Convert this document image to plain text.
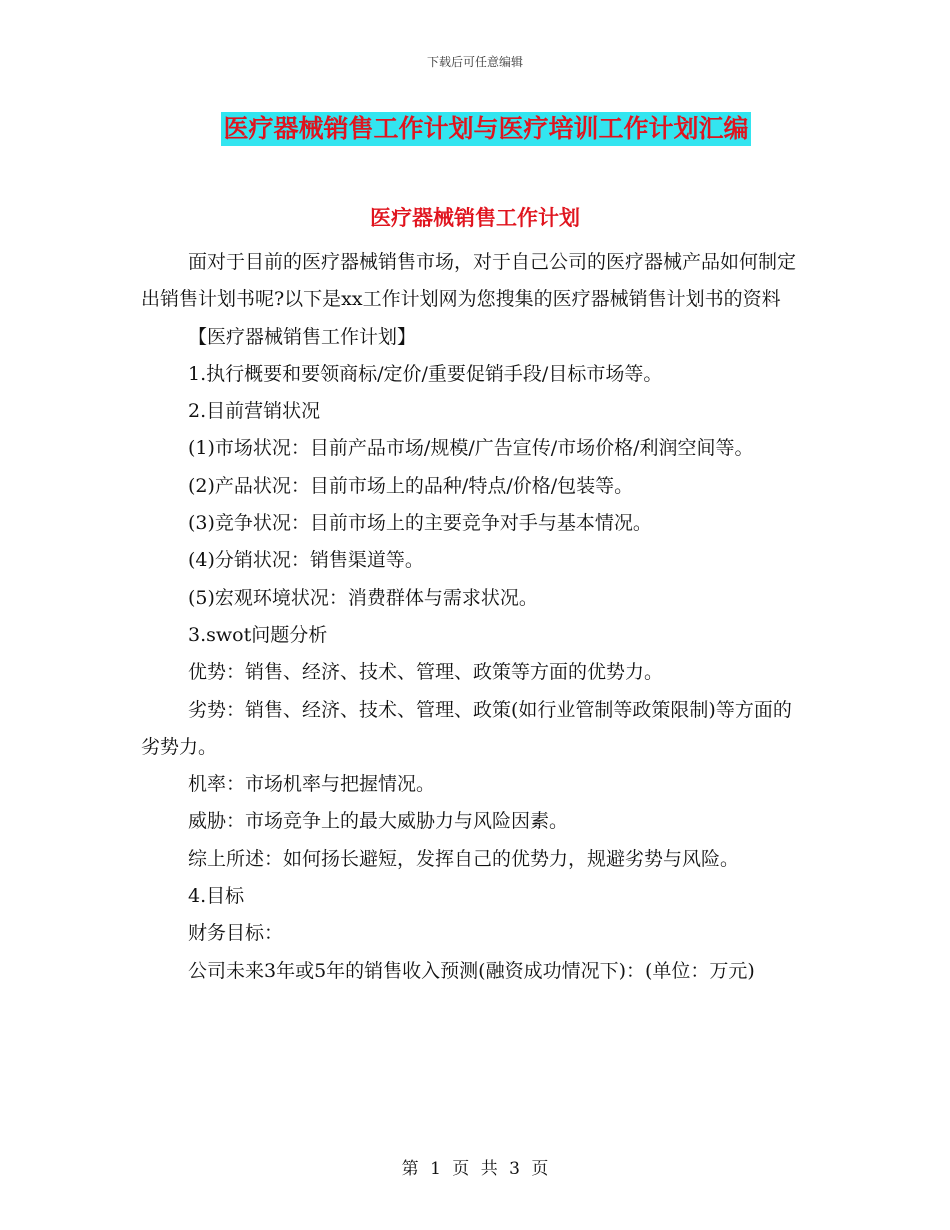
下载后可任意编辑
医疗器械销售工作计划与医疗培训工作计划汇编
医疗器械销售工作计划

面对于目前的医疗器械销售市场，对于自己公司的医疗器械产品如何制定出销售计划书呢?以下是xx工作计划网为您搜集的医疗器械销售计划书的资料

【医疗器械销售工作计划】

1.执行概要和要领商标/定价/重要促销手段/目标市场等。

2.目前营销状况

(1)市场状况：目前产品市场/规模/广告宣传/市场价格/利润空间等。

(2)产品状况：目前市场上的品种/特点/价格/包装等。

(3)竞争状况：目前市场上的主要竞争对手与基本情况。

(4)分销状况：销售渠道等。

(5)宏观环境状况：消费群体与需求状况。

3.swot问题分析

优势：销售、经济、技术、管理、政策等方面的优势力。

劣势：销售、经济、技术、管理、政策(如行业管制等政策限制)等方面的劣势力。

机率：市场机率与把握情况。

威胁：市场竞争上的最大威胁力与风险因素。

综上所述：如何扬长避短，发挥自己的优势力，规避劣势与风险。

4.目标

财务目标：

公司未来3年或5年的销售收入预测(融资成功情况下)：(单位：万元)

第 1 页 共 3 页
